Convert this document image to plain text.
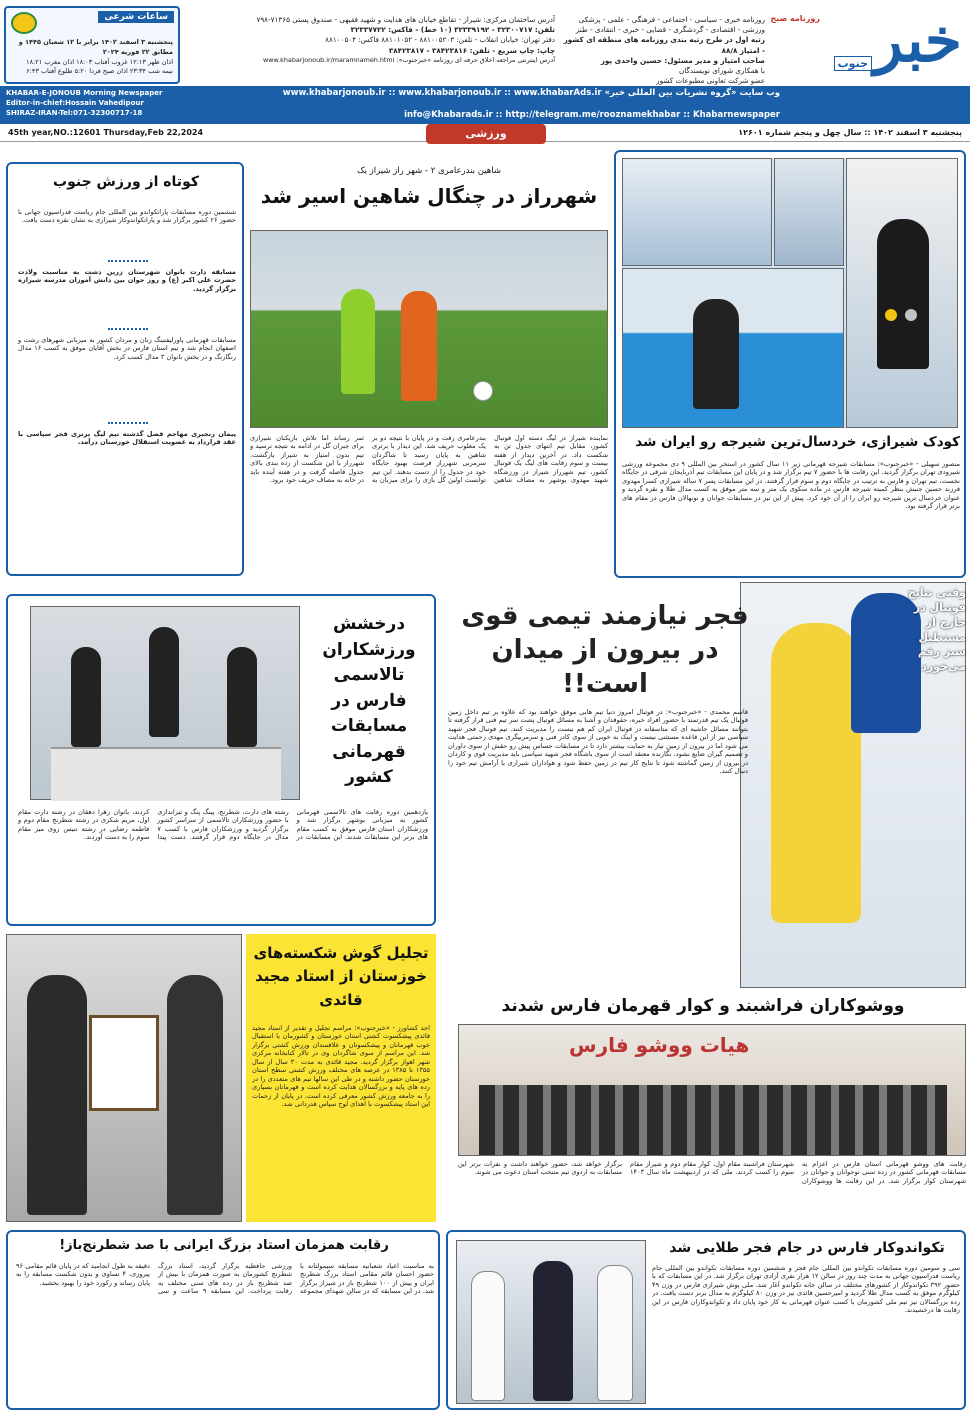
خبر
جنوب
روزنامه صبح
روزنامه خبری - سیاسی - اجتماعی - فرهنگی - علمی - پزشکی
ورزشی - اقتصادی - گردشگری - قضایی - خبری - انتقادی - طنز
رتبه اول در طرح رتبه بندی روزنامه های منطقه ای کشور - امتیاز ۸۸/۸
صاحب امتیاز و مدیر مسئول: حسین واحدی پور
با همکاری شورای نویسندگان
عضو شرکت تعاونی مطبوعات کشور
آدرس ساختمان مرکزی: شیراز - تقاطع خیابان های هدایت و شهید فقیهی - صندوق پستی ۷۱۳۶۵-۷۹۸
تلفن: ۳۲۳۰۰۷۱۷ - ۳۲۳۳۹۱۹۲ (۱۰ خط) - فاکس: ۳۲۳۳۷۷۲۲
دفتر تهران: خیابان انقلاب - تلفن: ۸۸۱۰۰۵۲۰۳ - ۸۸۱۰۱۰۵۲ فاکس: ۸۸۱۰۰۵۰۴
چاپ: چاپ سریع - تلفن: ۳۸۴۲۳۸۱۶ - ۳۸۴۲۳۸۱۷
آدرس اینترنتی مراجعه اخلاق حرفه ای روزنامه «خبرجنوب»: www.khabarjonoub.ir/maramnameh.html
ساعات شرعی
پنجشنبه ۳ اسفند ۱۴۰۲ برابر با ۱۲ شعبان ۱۴۴۵ و مطابق ۲۲ فوریه ۲۰۲۴
اذان ظهر ۱۲:۱۳ غروب آفتاب ۱۸:۰۳ اذان مغرب ۱۸:۲۱
نیمه شب ۲۳:۳۴ اذان صبح فردا ۵:۲۰ طلوع آفتاب ۶:۴۳
وب سایت «گروه نشریات بین المللی خبر» www.khabarjonoub.ir :: www.khabarjonoub.ir :: www.khabarAds.ir
info@Khabarads.ir :: http://telegram.me/rooznamekhabar :: Khabarnewspaper
KHABAR-E-JONOUB Morning Newspaper
Editor-in-chief:Hossain Vahedipour
SHIRAZ-IRAN-Tel:071-32300717-18
پنجشنبه ۳ اسفند ۱۴۰۲ :: سال چهل و پنجم شماره ۱۲۶۰۱
45th year,NO.:12601 Thursday,Feb 22,2024	ورزشی
کودک شیرازی، خردسال‌ترین شیرجه رو ایران شد

منصور سهیلی - «خبرجنوب»: مسابقات شیرجه قهرمانی زیر ۱۱ سال کشور در استخر بین المللی ۹ دی مجموعه ورزشی شیرودی تهران برگزار گردید. این رقابت ها با حضور ۷ تیم برگزار شد و در پایان این مسابقات تیم آذربایجان شرقی در جایگاه نخست، تیم تهران و فارس به ترتیب در جایگاه دوم و سوم قرار گرفتند. در این مسابقات پسر ۷ ساله شیرازی کسرا مهدوی فرزند حسین جنبش بنظر کمیته شیرجه فارس در ماده سکوی یک متر و سه متر موفق به کسب مدال طلا و نقره گردید و عنوان خردسال ترین شیرجه رو ایران را از آن خود کرد. پیش از این نیز در مسابقات جوانان و نونهالان فارس در مقام های برتر قرار گرفته بود.

شاهین بندرعامری ۲ - شهر راز شیراز یک
شهرراز در چنگال شاهین اسیر شد

نماینده شیراز در لیگ دسته اول فوتبال کشور، مقابل تیم انتهای جدول تن به شکست داد. در آخرین دیدار از هفته بیست و سوم رقابت های لیگ یک فوتبال کشور، تیم شهرراز شیراز در ورزشگاه شهید مهدوی بوشهر به مصاف شاهین بندرعامری رفت و در پایان با نتیجه دو بر یک مغلوب حریف شد. این دیدار با برتری شاهین به پایان رسید تا شاگردان سرمربی شهرراز فرصت بهبود جایگاه خود در جدول را از دست بدهند. این تیم توانست اولین گل بازی را برای میزبان به ثمر رساند اما تلاش بازیکنان شیرازی برای جبران گل در ادامه به نتیجه نرسید و تیم بدون امتیاز به شیراز بازگشت. شهرراز با این شکست از رده بندی بالای جدول فاصله گرفت و در هفته آینده باید در خانه به مصاف حریف خود برود.

کوتاه از ورزش جنوب

ششمین دوره مسابقات پاراتکواندو بین المللی جام ریاست فدراسیون جهانی با حضور ۲۶ کشور برگزار شد و پاراتکواندوکار شیرازی به نشان نقره دست یافت.

مسابقه دارت بانوان شهرستان زرین دشت به مناسبت ولادت حضرت علی اکبر (ع) و روز جوان بین دانش آموزان مدرسه شیرازه برگزار گردید.

مسابقات قهرمانی پاورلیفتینگ زنان و مردان کشور به میزبانی شهرهای رشت و اصفهان انجام شد و تیم استان فارس در بخش آقایان موفق به کسب ۱۶ مدال رنگارنگ و در بخش بانوان ۳ مدال کسب کرد.

پیمان رنجبری مهاجم فصل گذشته تیم لیگ برتری فجر سپاسی با عقد قرارداد به عضویت استقلال خوزستان درآمد.

وقتی نتایج فوتبال در خارج از مستطیل سبز رقم می‌خورد
فجر نیازمند تیمی قوی در بیرون از میدان است!!

قاسم محمدی - «خبرجنوب»: در فوتبال امروز دنیا تیم هایی موفق خواهند بود که علاوه بر تیم داخل زمین فوتبال یک تیم قدرتمند با حضور افراد خبره، حقوقدان و آشنا به مسائل فوتبال پشت سر تیم فنی قرار گرفته تا بتوانند مسائل حاشیه ای که متاسفانه در فوتبال ایران کم هم نیست را مدیریت کنند. تیم فوتبال فجر شهید سپاسی نیز از این قاعده مستثنی نیست و اینک به خوبی از سوی کادر فنی و سرمربیگری مهدی رحمتی هدایت می شود اما در بیرون از زمین نیاز به حمایت بیشتر دارد تا در مسابقات حساس پیش رو حقش از سوی داوران و تصمیم گیران ضایع نشود. نگارنده معتقد است از سوی باشگاه فجر شهید سپاسی باید مدیریت قوی و کاردان در بیرون از زمین گماشته شود تا نتایج کار تیم در زمین حفظ شود و هواداران شیرازی با آرامش تیم خود را دنبال کنند.

درخشش ورزشکاران تالاسمی فارس در مسابقات قهرمانی کشور

یازدهمین دوره رقابت های تالاسمی قهرمانی کشور به میزبانی بوشهر برگزار شد و ورزشکاران استان فارس موفق به کسب مقام های برتر این مسابقات شدند. این مسابقات در رشته های دارت، شطرنج، پینگ پنگ و تیراندازی با حضور ورزشکاران تالاسمی از سراسر کشور برگزار گردید و ورزشکاران فارس با کسب ۷ مدال در جایگاه دوم قرار گرفتند. دست پیدا کردند، بانوان زهرا دهقان در رشته دارت مقام اول، مریم شکری در رشته شطرنج مقام دوم و فاطمه رضایی در رشته تنیس روی میز مقام سوم را به دست آوردند.

تجلیل گوش شکسته‌های خوزستان از استاد مجید قائدی

احد کشاورز - «خبرجنوب»: مراسم تجلیل و تقدیر از استاد مجید قائدی پیشکسوت کشتی استان خوزستان و کشورمان با استقبال خوب قهرمانان و پیشکسوتان و علاقمندان ورزش کشتی برگزار شد. این مراسم از سوی شاگردان وی در تالار کتابخانه مرکزی شهر اهواز برگزار گردید. مجید قائدی به مدت ۳۰ سال از سال ۱۳۵۵ تا ۱۳۸۵ در عرصه های مختلف ورزش کشتی سطح استان خوزستان حضور داشته و در طی این سالها تیم های متعددی را در رده های پایه و بزرگسالان هدایت کرده است و قهرمانان بسیاری را به جامعه ورزش کشور معرفی کرده است. در پایان از زحمات این استاد پیشکسوت با اهدای لوح سپاس قدردانی شد.

ووشوکاران فراشبند و کوار قهرمان فارس شدند
هیات ووشو فارس

رقابت های ووشو قهرمانی استان فارس در اعزام به مسابقات قهرمانی کشور در رده سنی نوجوانان و جوانان در شهرستان کوار برگزار شد. در این رقابت ها ووشوکاران شهرستان فراشبند مقام اول، کوار مقام دوم و شیراز مقام سوم را کسب کردند. ملی که در اردیبهشت ماه سال ۱۴۰۳ برگزار خواهد شد، حضور خواهند داشت و نفرات برتر این مسابقات به اردوی تیم منتخب استان دعوت می شوند.

رقابت همزمان استاد بزرگ ایرانی با صد شطرنج‌باز!

به مناسبت اعیاد شعبانیه مسابقه سیمولتانه با حضور احسان قائم مقامی استاد بزرگ شطرنج ایران و بیش از ۱۰۰ شطرنج باز در شیراز برگزار شد. در این مسابقه که در سالن شهدای مجموعه ورزشی حافظیه برگزار گردید، استاد بزرگ شطرنج کشورمان به صورت همزمان با بیش از صد شطرنج باز در رده های سنی مختلف به رقابت پرداخت. این مسابقه ۹ ساعت و سی دقیقه به طول انجامید که در پایان قائم مقامی ۹۶ پیروزی، ۴ تساوی و بدون شکست مسابقه را به پایان رساند و رکورد خود را بهبود بخشید.

تکواندوکار فارس در جام فجر طلایی شد

سی و سومین دوره مسابقات تکواندو بین المللی جام فجر و ششمین دوره مسابقات تکواندو بین المللی جام ریاست فدراسیون جهانی به مدت چند روز در سالن ۱۲ هزار نفری آزادی تهران برگزار شد. در این مسابقات که با حضور ۳۹۲ تکواندوکار از کشورهای مختلف در سالن خانه تکواندو آغاز شد، ملی پوش شیرازی فارس در وزن ۴۹ کیلوگرم موفق به کسب مدال طلا گردید و امیرحسین قائدی نیز در وزن ۸۰ کیلوگرم به مدال برنز دست یافت. در رده بزرگسالان نیز تیم ملی کشورمان با کسب عنوان قهرمانی به کار خود پایان داد و تکواندوکاران فارس در این رقابت ها درخشیدند.
